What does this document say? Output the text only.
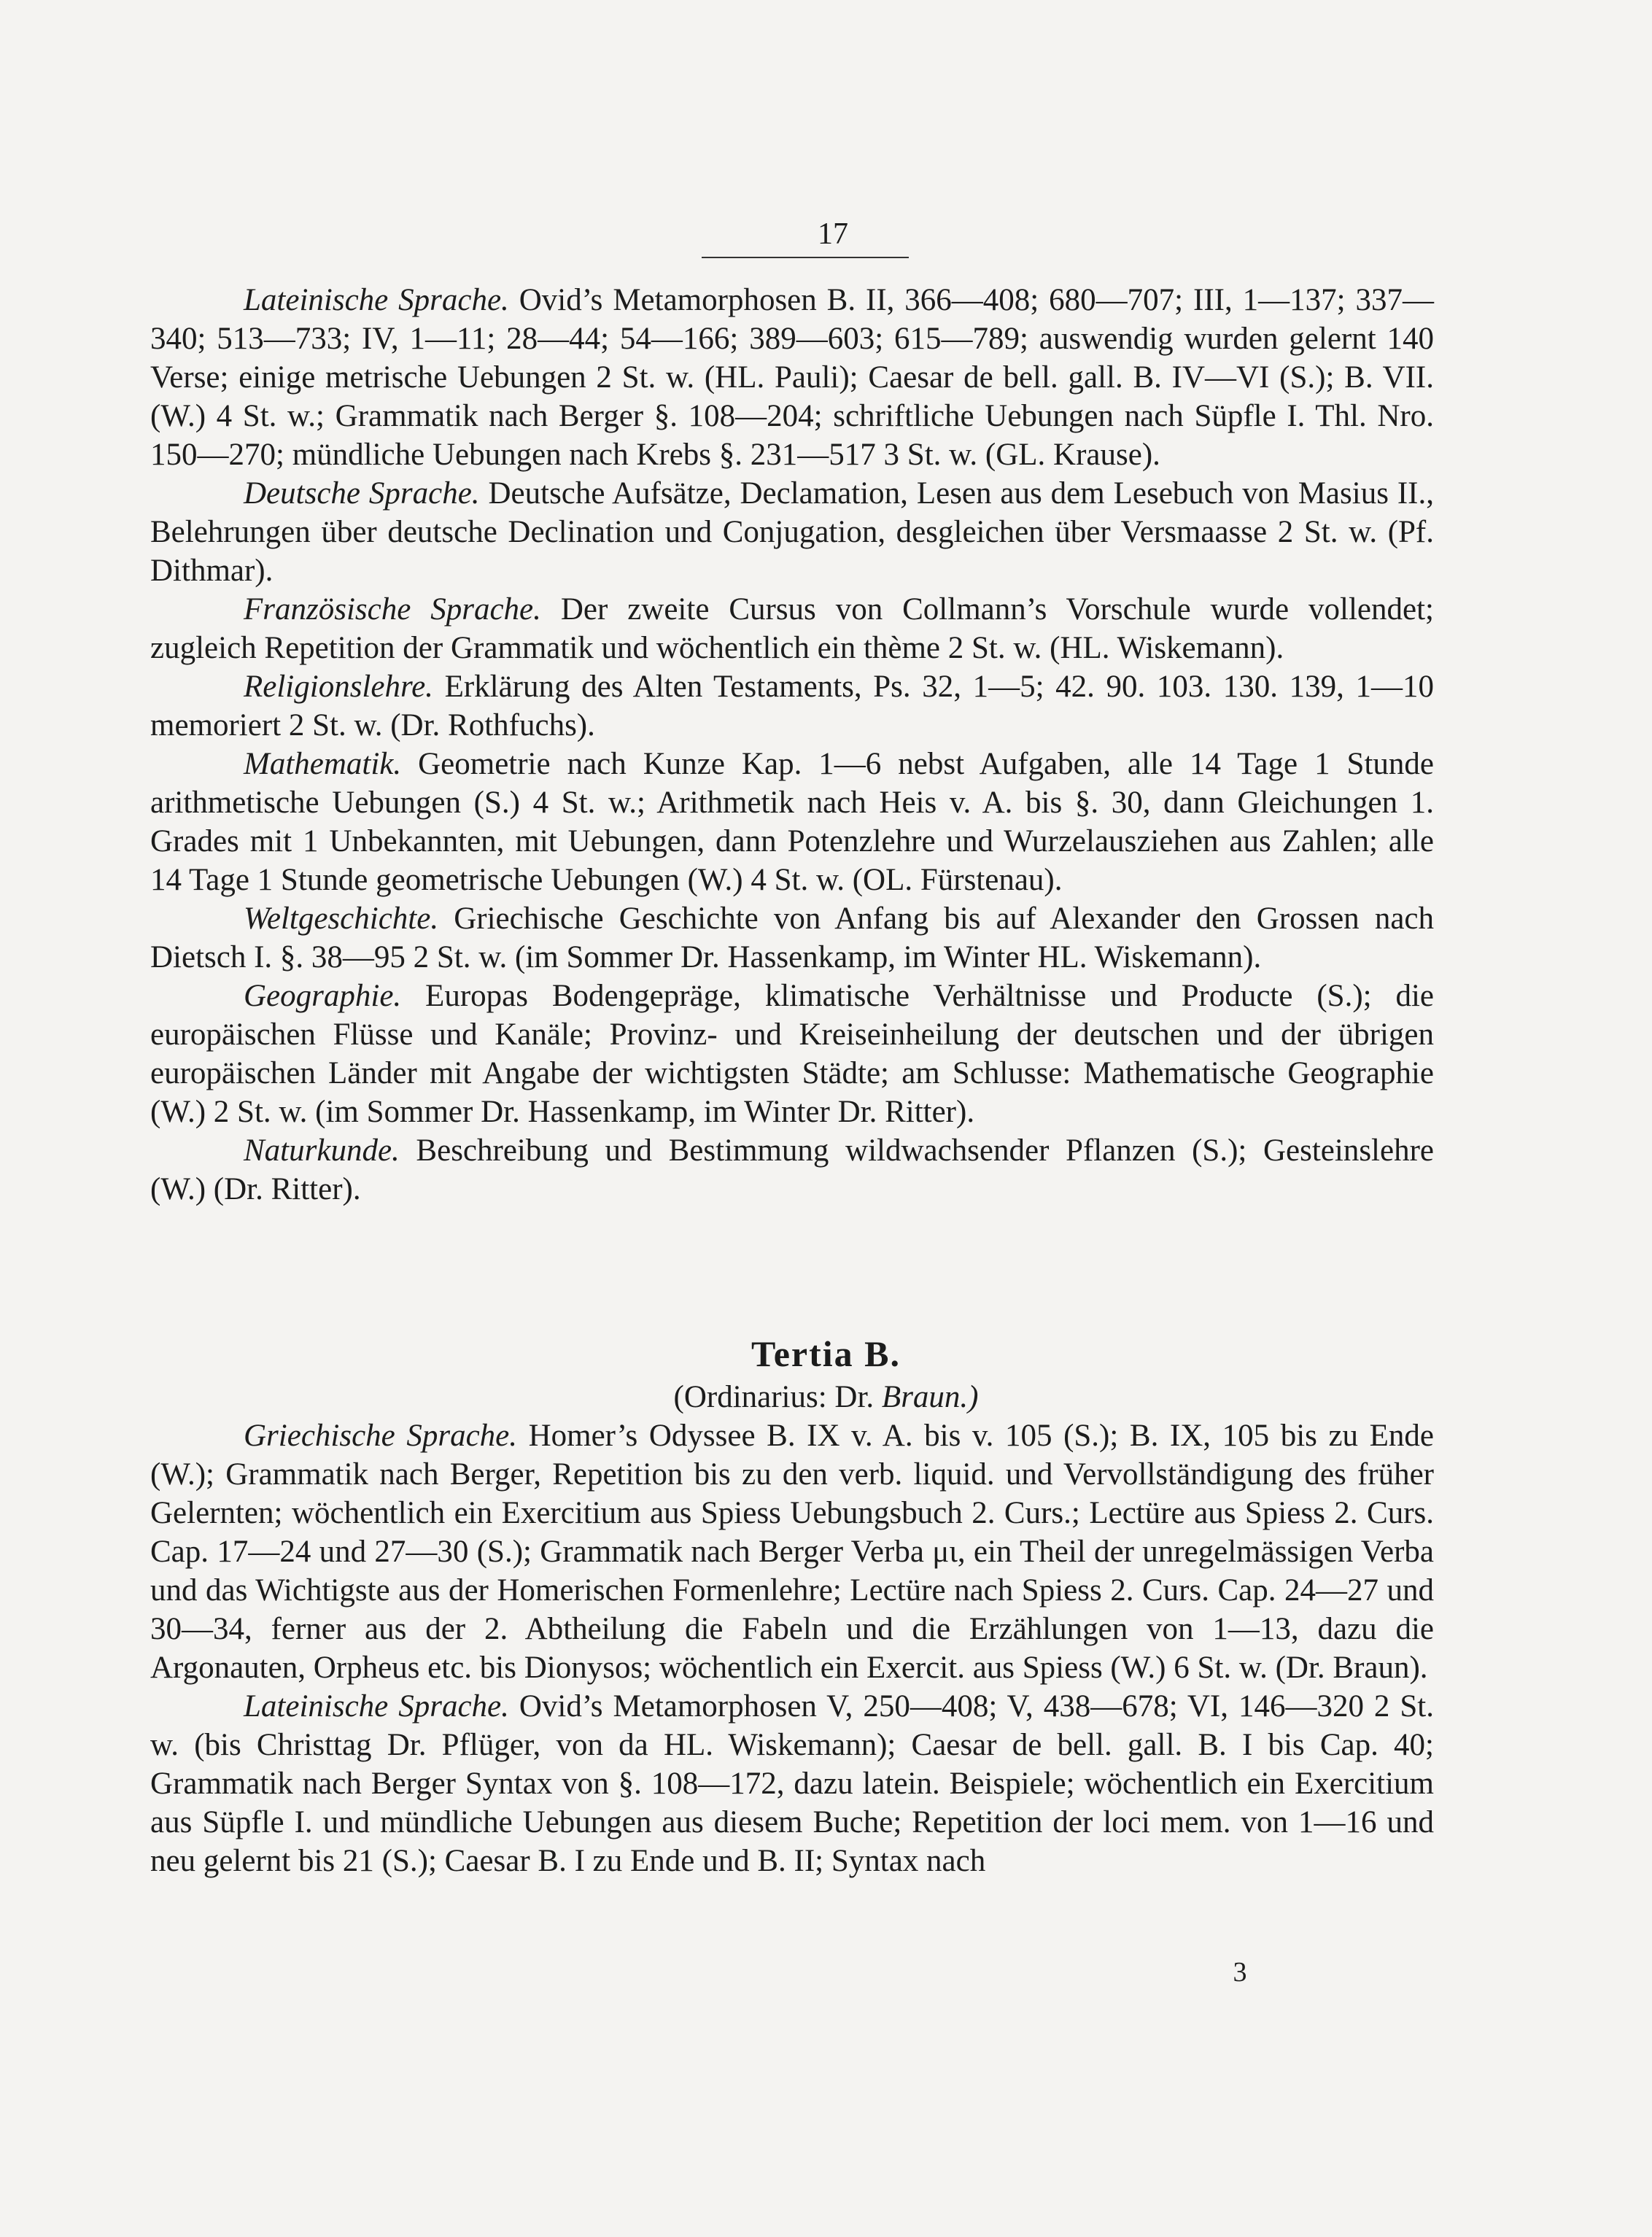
17

Lateinische Sprache. Ovid’s Metamorphosen B. II, 366—408; 680—707; III, 1—137; 337—340; 513—733; IV, 1—11; 28—44; 54—166; 389—603; 615—789; auswendig wurden gelernt 140 Verse; einige metrische Uebungen 2 St. w. (HL. Pauli); Caesar de bell. gall. B. IV—VI (S.); B. VII. (W.) 4 St. w.; Grammatik nach Berger §. 108—204; schriftliche Uebungen nach Süpfle I. Thl. Nro. 150—270; mündliche Uebungen nach Krebs §. 231—517 3 St. w. (GL. Krause).

Deutsche Sprache. Deutsche Aufsätze, Declamation, Lesen aus dem Lesebuch von Masius II., Belehrungen über deutsche Declination und Conjugation, desgleichen über Versmaasse 2 St. w. (Pf. Dithmar).

Französische Sprache. Der zweite Cursus von Collmann’s Vorschule wurde vollendet; zugleich Repetition der Grammatik und wöchentlich ein thème 2 St. w. (HL. Wiskemann).

Religionslehre. Erklärung des Alten Testaments, Ps. 32, 1—5; 42. 90. 103. 130. 139, 1—10 memoriert 2 St. w. (Dr. Rothfuchs).

Mathematik. Geometrie nach Kunze Kap. 1—6 nebst Aufgaben, alle 14 Tage 1 Stunde arithmetische Uebungen (S.) 4 St. w.; Arithmetik nach Heis v. A. bis §. 30, dann Gleichungen 1. Grades mit 1 Unbekannten, mit Uebungen, dann Potenzlehre und Wurzelausziehen aus Zahlen; alle 14 Tage 1 Stunde geometrische Uebungen (W.) 4 St. w. (OL. Fürstenau).

Weltgeschichte. Griechische Geschichte von Anfang bis auf Alexander den Grossen nach Dietsch I. §. 38—95 2 St. w. (im Sommer Dr. Hassenkamp, im Winter HL. Wiskemann).

Geographie. Europas Bodengepräge, klimatische Verhältnisse und Producte (S.); die europäischen Flüsse und Kanäle; Provinz- und Kreiseinheilung der deutschen und der übrigen europäischen Länder mit Angabe der wichtigsten Städte; am Schlusse: Mathematische Geographie (W.) 2 St. w. (im Sommer Dr. Hassenkamp, im Winter Dr. Ritter).

Naturkunde. Beschreibung und Bestimmung wildwachsender Pflanzen (S.); Gesteinslehre (W.) (Dr. Ritter).

Tertia B.
(Ordinarius: Dr. Braun.)

Griechische Sprache. Homer’s Odyssee B. IX v. A. bis v. 105 (S.); B. IX, 105 bis zu Ende (W.); Grammatik nach Berger, Repetition bis zu den verb. liquid. und Vervollständigung des früher Gelernten; wöchentlich ein Exercitium aus Spiess Uebungsbuch 2. Curs.; Lectüre aus Spiess 2. Curs. Cap. 17—24 und 27—30 (S.); Grammatik nach Berger Verba μι, ein Theil der unregelmässigen Verba und das Wichtigste aus der Homerischen Formenlehre; Lectüre nach Spiess 2. Curs. Cap. 24—27 und 30—34, ferner aus der 2. Abtheilung die Fabeln und die Erzählungen von 1—13, dazu die Argonauten, Orpheus etc. bis Dionysos; wöchentlich ein Exercit. aus Spiess (W.) 6 St. w. (Dr. Braun).

Lateinische Sprache. Ovid’s Metamorphosen V, 250—408; V, 438—678; VI, 146—320 2 St. w. (bis Christtag Dr. Pflüger, von da HL. Wiskemann); Caesar de bell. gall. B. I bis Cap. 40; Grammatik nach Berger Syntax von §. 108—172, dazu latein. Beispiele; wöchentlich ein Exercitium aus Süpfle I. und mündliche Uebungen aus diesem Buche; Repetition der loci mem. von 1—16 und neu gelernt bis 21 (S.); Caesar B. I zu Ende und B. II; Syntax nach

3
